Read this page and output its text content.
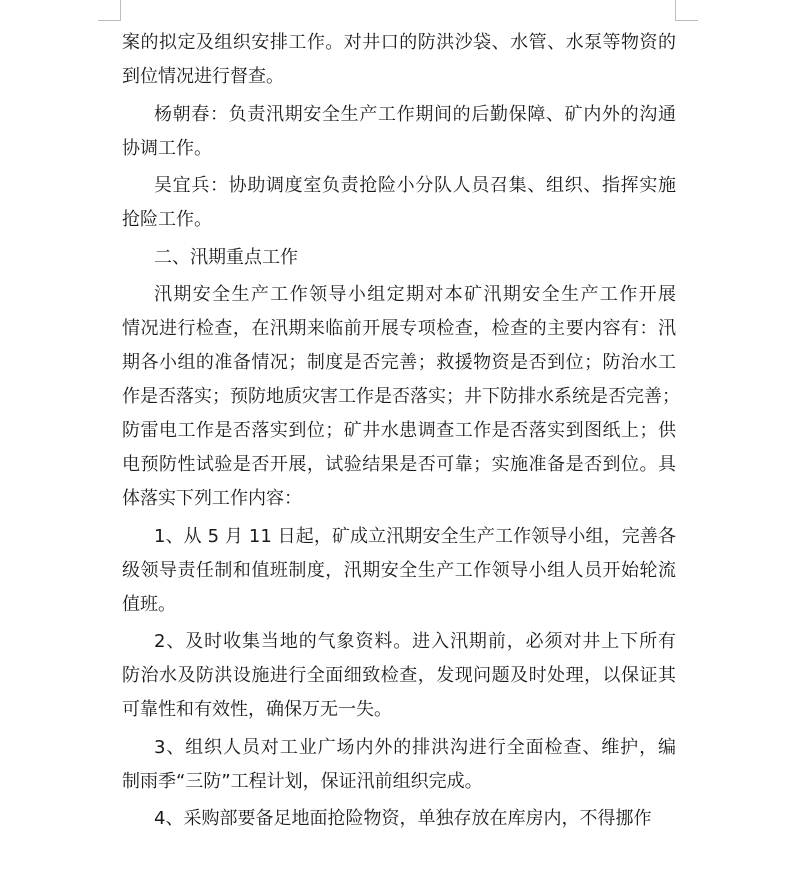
案的拟定及组织安排工作。对井口的防洪沙袋、水管、水泵等物资的
到位情况进行督查。
杨朝春：负责汛期安全生产工作期间的后勤保障、矿内外的沟通
协调工作。
吴宜兵：协助调度室负责抢险小分队人员召集、组织、指挥实施
抢险工作。
二、汛期重点工作
汛期安全生产工作领导小组定期对本矿汛期安全生产工作开展
情况进行检查，在汛期来临前开展专项检查，检查的主要内容有：汛
期各小组的准备情况；制度是否完善；救援物资是否到位；防治水工
作是否落实；预防地质灾害工作是否落实；井下防排水系统是否完善；
防雷电工作是否落实到位；矿井水患调查工作是否落实到图纸上；供
电预防性试验是否开展，试验结果是否可靠；实施准备是否到位。具
体落实下列工作内容：
1、从 5 月 11 日起，矿成立汛期安全生产工作领导小组，完善各
级领导责任制和值班制度，汛期安全生产工作领导小组人员开始轮流
值班。
2、及时收集当地的气象资料。进入汛期前，必须对井上下所有
防治水及防洪设施进行全面细致检查，发现问题及时处理，以保证其
可靠性和有效性，确保万无一失。
3、组织人员对工业广场内外的排洪沟进行全面检查、维护，编
制雨季“三防”工程计划，保证汛前组织完成。
4、采购部要备足地面抢险物资，单独存放在库房内，不得挪作
